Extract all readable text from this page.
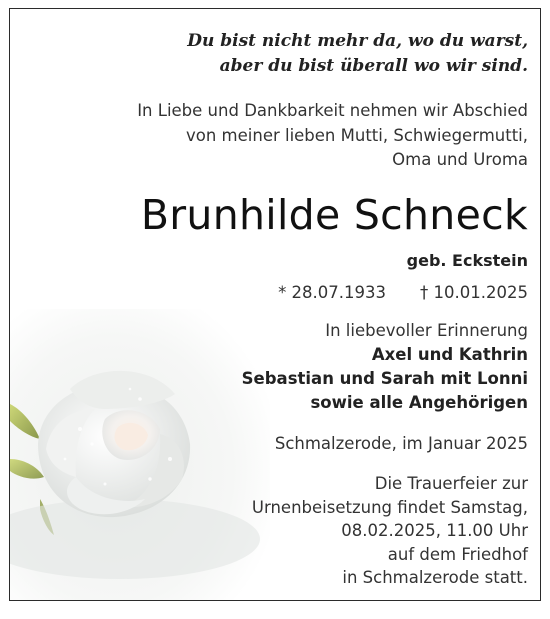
Du bist nicht mehr da, wo du warst,
aber du bist überall wo wir sind.
In Liebe und Dankbarkeit nehmen wir Abschied
von meiner lieben Mutti, Schwiegermutti,
Oma und Uroma
Brunhilde Schneck
geb. Eckstein
* 28.07.1933 † 10.01.2025
In liebevoller Erinnerung
Axel und Kathrin
Sebastian und Sarah mit Lonni
sowie alle Angehörigen
Schmalzerode, im Januar 2025
Die Trauerfeier zur
Urnenbeisetzung findet Samstag,
08.02.2025, 11.00 Uhr
auf dem Friedhof
in Schmalzerode statt.
